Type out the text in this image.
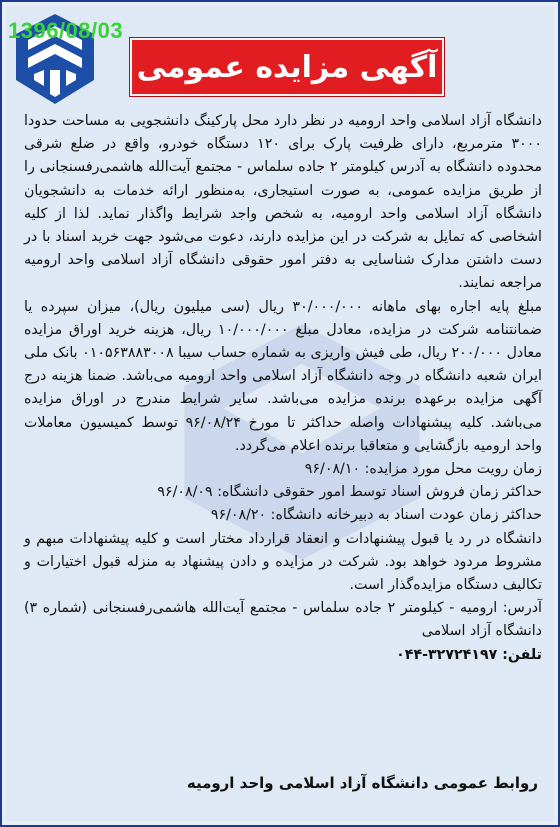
1396/08/03
آگهی مزایده عمومی

دانشگاه آزاد اسلامی واحد ارومیه در نظر دارد محل پارکینگ دانشجویی به مساحت حدودا ۳۰۰۰ مترمربع، دارای ظرفیت پارک برای ۱۲۰ دستگاه خودرو، واقع در ضلع شرقی محدوده دانشگاه به آدرس کیلومتر ۲ جاده سلماس - مجتمع آیت‌الله هاشمی‌رفسنجانی را از طریق مزایده عمومی، به صورت استیجاری، به‌منظور ارائه خدمات به دانشجویان دانشگاه آزاد اسلامی واحد ارومیه، به شخص واجد شرایط واگذار نماید. لذا از کلیه اشخاصی که تمایل به شرکت در این مزایده دارند، دعوت می‌شود جهت خرید اسناد با در دست داشتن مدارک شناسایی به دفتر امور حقوقی دانشگاه آزاد اسلامی واحد ارومیه مراجعه نمایند.

مبلغ پایه اجاره بهای ماهانه ۳۰/۰۰۰/۰۰۰ ریال (سی میلیون ریال)، میزان سپرده یا ضمانتنامه شرکت در مزایده، معادل مبلغ ۱۰/۰۰۰/۰۰۰ ریال، هزینه خرید اوراق مزایده معادل ۲۰۰/۰۰۰ ریال، طی فیش واریزی به شماره حساب سیبا ۰۱۰۵۶۳۸۸۳۰۰۸ بانک ملی ایران شعبه دانشگاه در وجه دانشگاه آزاد اسلامی واحد ارومیه می‌باشد. ضمنا هزینه درج آگهی مزایده برعهده برنده مزایده می‌باشد. سایر شرایط مندرج در اوراق مزایده می‌باشد. کلیه پیشنهادات واصله حداکثر تا مورخ ۹۶/۰۸/۲۴ توسط کمیسیون معاملات واحد ارومیه بازگشایی و متعاقبا برنده اعلام می‌گردد.

زمان رویت محل مورد مزایده: ۹۶/۰۸/۱۰

حداکثر زمان فروش اسناد توسط امور حقوقی دانشگاه: ۹۶/۰۸/۰۹

حداکثر زمان عودت اسناد به دبیرخانه دانشگاه: ۹۶/۰۸/۲۰

دانشگاه در رد یا قبول پیشنهادات و انعقاد قرارداد مختار است و کلیه پیشنهادات مبهم و مشروط مردود خواهد بود. شرکت در مزایده و دادن پیشنهاد به منزله قبول اختیارات و تکالیف دستگاه مزایده‌گذار است.

آدرس: ارومیه - کیلومتر ۲ جاده سلماس - مجتمع آیت‌الله هاشمی‌رفسنجانی (شماره ۳) دانشگاه آزاد اسلامی

تلفن: ۳۲۷۲۴۱۹۷-۰۴۴

روابط عمومی دانشگاه آزاد اسلامی واحد ارومیه
